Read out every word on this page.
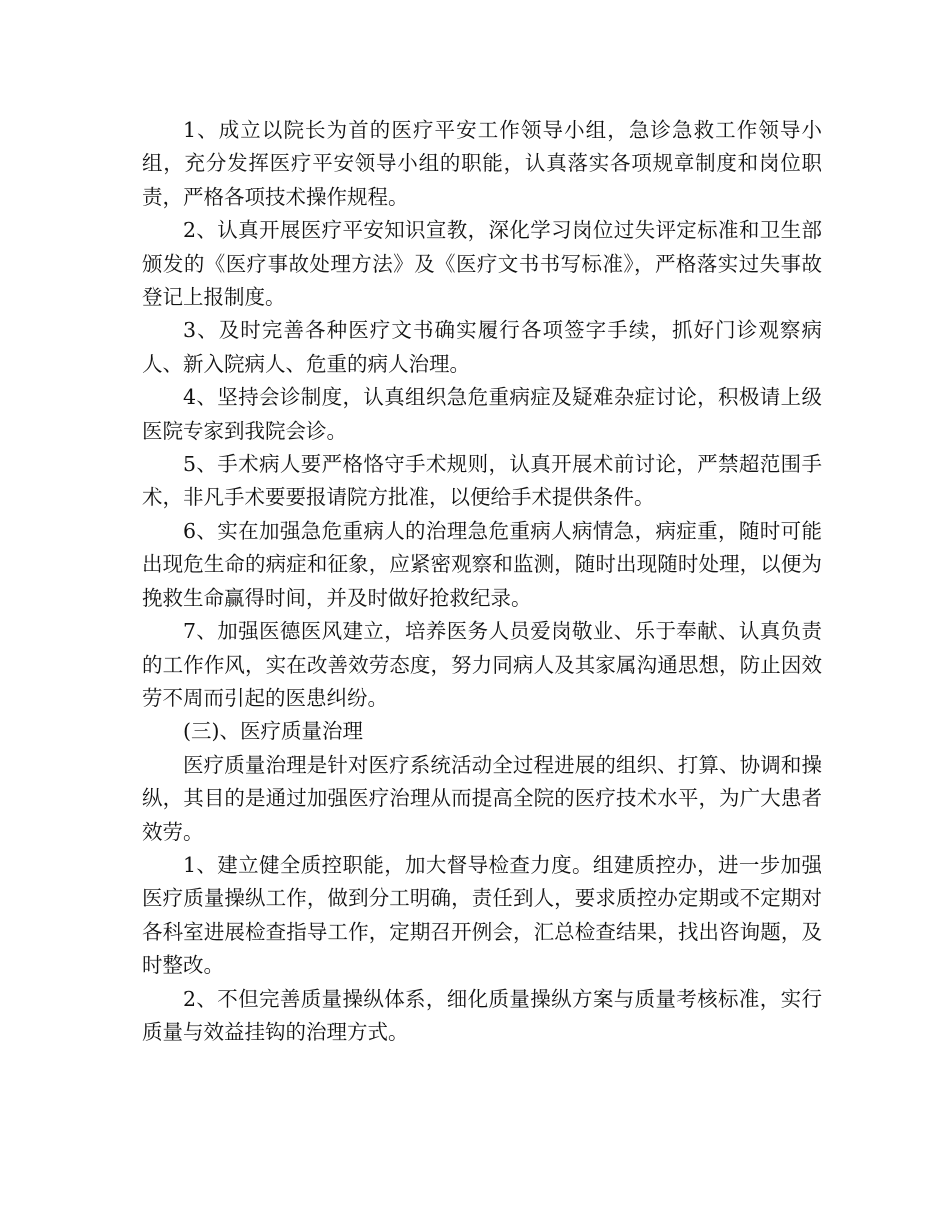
1、成立以院长为首的医疗平安工作领导小组，急诊急救工作领导小组，充分发挥医疗平安领导小组的职能，认真落实各项规章制度和岗位职责，严格各项技术操作规程。

2、认真开展医疗平安知识宣教，深化学习岗位过失评定标准和卫生部颁发的《医疗事故处理方法》及《医疗文书书写标准》，严格落实过失事故登记上报制度。

3、及时完善各种医疗文书确实履行各项签字手续，抓好门诊观察病人、新入院病人、危重的病人治理。

4、坚持会诊制度，认真组织急危重病症及疑难杂症讨论，积极请上级医院专家到我院会诊。

5、手术病人要严格恪守手术规则，认真开展术前讨论，严禁超范围手术，非凡手术要要报请院方批准，以便给手术提供条件。

6、实在加强急危重病人的治理急危重病人病情急，病症重，随时可能出现危生命的病症和征象，应紧密观察和监测，随时出现随时处理，以便为挽救生命赢得时间，并及时做好抢救纪录。

7、加强医德医风建立，培养医务人员爱岗敬业、乐于奉献、认真负责的工作作风，实在改善效劳态度，努力同病人及其家属沟通思想，防止因效劳不周而引起的医患纠纷。

(三)、医疗质量治理

医疗质量治理是针对医疗系统活动全过程进展的组织、打算、协调和操纵，其目的是通过加强医疗治理从而提高全院的医疗技术水平，为广大患者效劳。

1、建立健全质控职能，加大督导检查力度。组建质控办，进一步加强医疗质量操纵工作，做到分工明确，责任到人，要求质控办定期或不定期对各科室进展检查指导工作，定期召开例会，汇总检查结果，找出咨询题，及时整改。

2、不但完善质量操纵体系，细化质量操纵方案与质量考核标准，实行质量与效益挂钩的治理方式。
